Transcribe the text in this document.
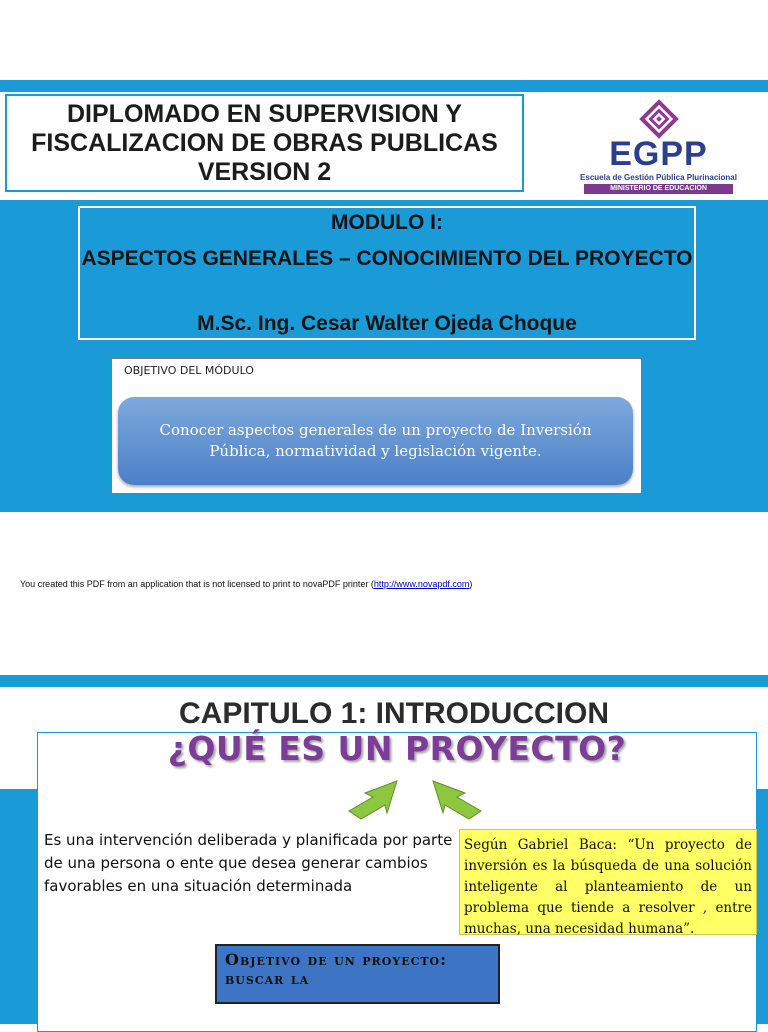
DIPLOMADO EN SUPERVISION Y
FISCALIZACION DE OBRAS PUBLICAS
VERSION 2	EGPP
Escuela de Gestión Pública Plurinacional
MINISTERIO DE EDUCACIÓN
MODULO I:
ASPECTOS GENERALES – CONOCIMIENTO DEL PROYECTO
M.Sc. Ing. Cesar Walter Ojeda Choque
OBJETIVO DEL MÓDULO
Conocer aspectos generales de un proyecto de Inversión Pública, normatividad y legislación vigente.
You created this PDF from an application that is not licensed to print to novaPDF printer (http://www.novapdf.com)
CAPITULO 1: INTRODUCCION
¿QUÉ ES UN PROYECTO?
Es una intervención deliberada y planificada por parte de una persona o ente que desea generar cambios favorables en una situación determinada
Según Gabriel Baca: “Un proyecto de inversión es la búsqueda de una solución inteligente al planteamiento de un problema que tiende a resolver , entre muchas, una necesidad humana”.
Objetivo de un proyecto: buscar la
